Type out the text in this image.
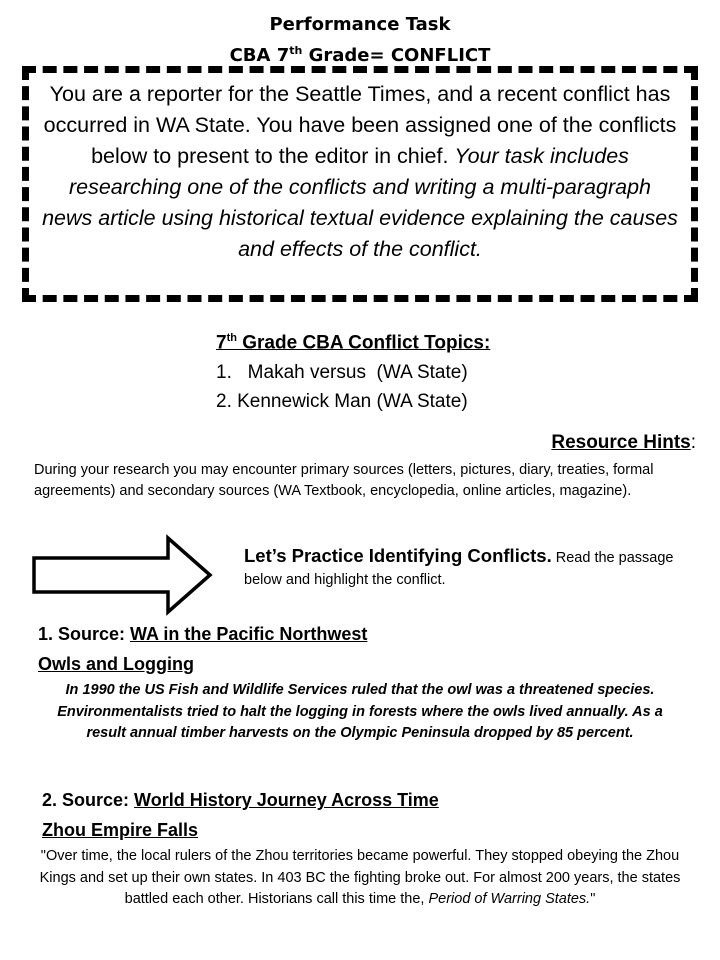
Performance Task
CBA 7th Grade= CONFLICT

You are a reporter for the Seattle Times, and a recent conflict has occurred in WA State. You have been assigned one of the conflicts below to present to the editor in chief. Your task includes researching one of the conflicts and writing a multi-paragraph news article using historical textual evidence explaining the causes and effects of the conflict.

7th Grade CBA Conflict Topics:
1.   Makah versus  (WA State)
2. Kennewick Man (WA State)
Resource Hints:
During your research you may encounter primary sources (letters, pictures, diary, treaties, formal agreements) and secondary sources (WA Textbook, encyclopedia, online articles, magazine).
Let’s Practice Identifying Conflicts. Read the passage below and highlight the conflict.
1. Source: WA in the Pacific Northwest
Owls and Logging
In 1990 the US Fish and Wildlife Services ruled that the owl was a threatened species. Environmentalists tried to halt the logging in forests where the owls lived annually. As a result annual timber harvests on the Olympic Peninsula dropped by 85 percent.
2. Source: World History Journey Across Time
Zhou Empire Falls
"Over time, the local rulers of the Zhou territories became powerful. They stopped obeying the Zhou Kings and set up their own states. In 403 BC the fighting broke out. For almost 200 years, the states battled each other. Historians call this time the, Period of Warring States."
